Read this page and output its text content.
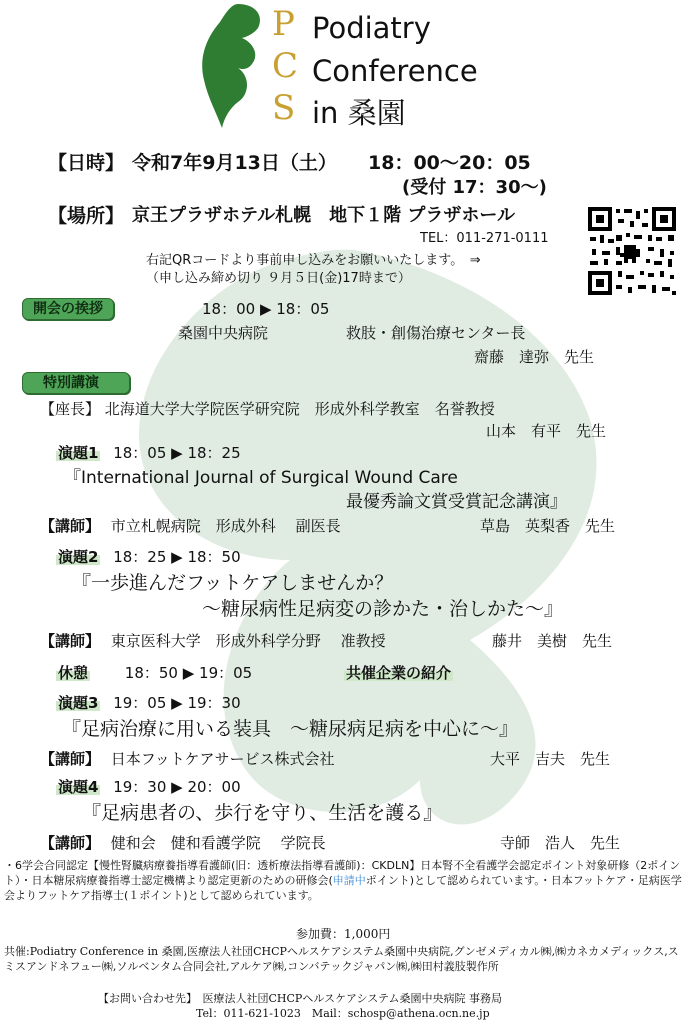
P
C
S
Podiatry
Conference
in 桑園
【日時】 令和7年9月13日（土） 18：00〜20：05
(受付 17：30〜)
【場所】 京王プラザホテル札幌　地下１階 プラザホール
TEL：011-271-0111
右記QRコードより事前申し込みをお願いいたします。　⇒
（申し込み締め切り ９月５日(金)17時まで）
開会の挨拶	18：00 ▶ 18：05
桑園中央病院	救肢・創傷治療センター長
齋藤　達弥　先生
特別講演
【座長】 北海道大学大学院医学研究院　形成外科学教室　名誉教授
山本　有平　先生
演題1 18：05 ▶ 18：25
『International Journal of Surgical Wound Care
最優秀論文賞受賞記念講演』
【講師】 市立札幌病院　形成外科　 副医長	草島　英梨香　先生
演題2 18：25 ▶ 18：50
『一歩進んだフットケアしませんか？
～糖尿病性足病変の診かた・治しかた～』
【講師】 東京医科大学　形成外科学分野　 准教授	藤井　美樹　先生
休憩 18：50 ▶ 19：05	共催企業の紹介
演題3 19：05 ▶ 19：30
『足病治療に用いる装具　～糖尿病足病を中心に～』
【講師】 日本フットケアサービス株式会社	大平　吉夫　先生
演題4 19：30 ▶ 20：00
『足病患者の、歩行を守り、生活を護る』
【講師】 健和会　健和看護学院　 学院長	寺師　浩人　先生
・6学会合同認定【慢性腎臓病療養指導看護師(旧：透析療法指導看護師)：CKDLN】日本腎不全看護学会認定ポイント対象研修（2ポイント）・日本糖尿病療養指導士認定機構より認定更新のための研修会(申請中ポイント)として認められています。・日本フットケア・足病医学会よりフットケア指導士(１ポイント)として認められています。
参加費：1,000円
共催:Podiatry Conference in 桑園,医療法人社団CHCPヘルスケアシステム桑園中央病院,グンゼメディカル㈱,㈱カネカメディックス,スミスアンドネフュー㈱,ソルベンタム合同会社,アルケア㈱,コンバテックジャパン㈱,㈱田村義肢製作所
【お問い合わせ先】　医療法人社団CHCPヘルスケアシステム桑園中央病院 事務局
Tel：011-621-1023　Mail：schosp@athena.ocn.ne.jp
